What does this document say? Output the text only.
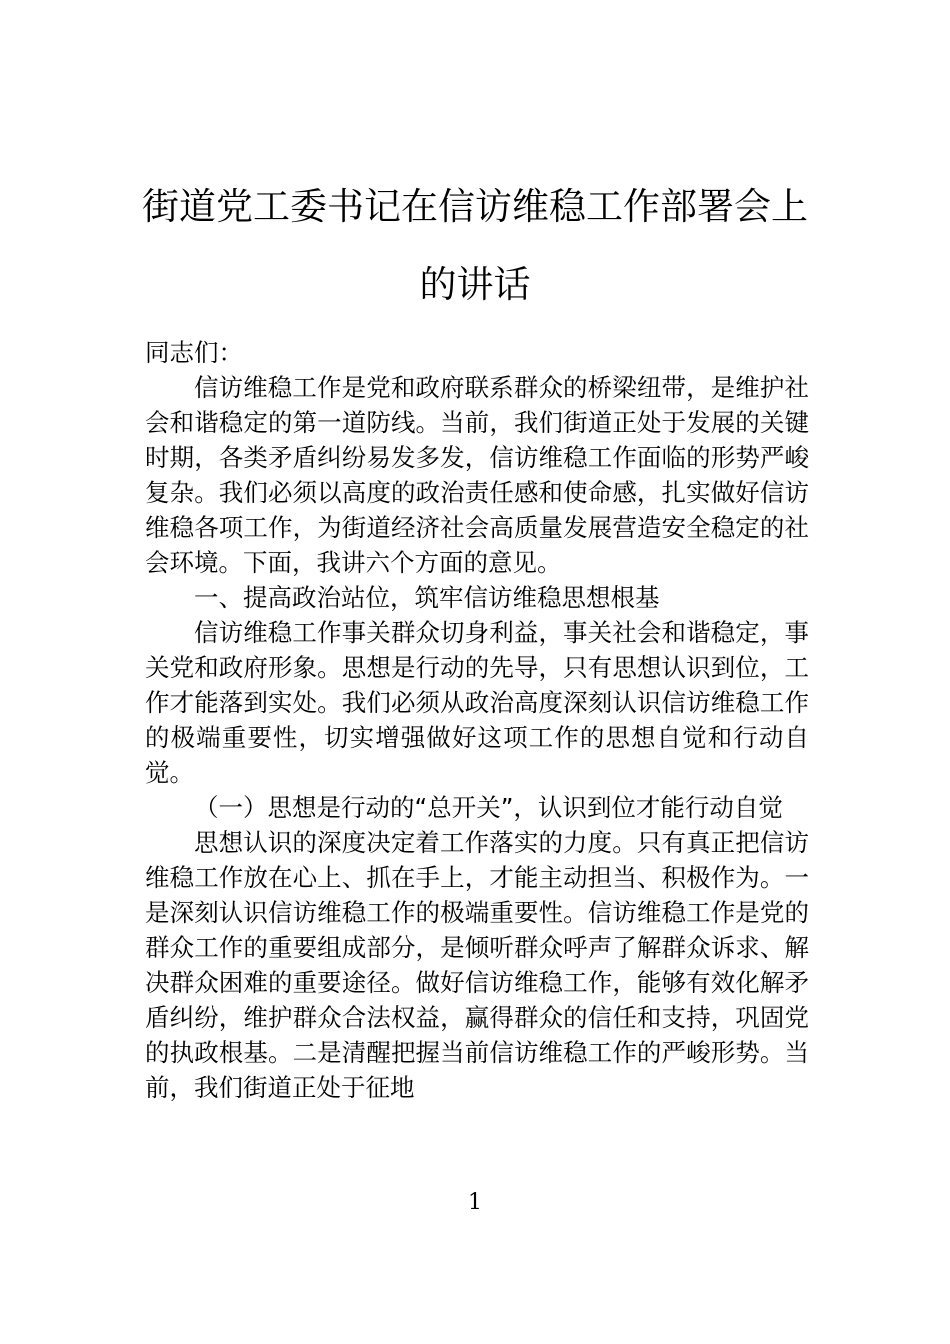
街道党工委书记在信访维稳工作部署会上
的讲话

同志们：

信访维稳工作是党和政府联系群众的桥梁纽带，是维护社会和谐稳定的第一道防线。当前，我们街道正处于发展的关键时期，各类矛盾纠纷易发多发，信访维稳工作面临的形势严峻复杂。我们必须以高度的政治责任感和使命感，扎实做好信访维稳各项工作，为街道经济社会高质量发展营造安全稳定的社会环境。下面，我讲六个方面的意见。

一、提高政治站位，筑牢信访维稳思想根基

信访维稳工作事关群众切身利益，事关社会和谐稳定，事关党和政府形象。思想是行动的先导，只有思想认识到位，工作才能落到实处。我们必须从政治高度深刻认识信访维稳工作的极端重要性，切实增强做好这项工作的思想自觉和行动自觉。

（一）思想是行动的“总开关”，认识到位才能行动自觉

思想认识的深度决定着工作落实的力度。只有真正把信访维稳工作放在心上、抓在手上，才能主动担当、积极作为。一是深刻认识信访维稳工作的极端重要性。信访维稳工作是党的群众工作的重要组成部分，是倾听群众呼声了解群众诉求、解决群众困难的重要途径。做好信访维稳工作，能够有效化解矛盾纠纷，维护群众合法权益，赢得群众的信任和支持，巩固党的执政根基。二是清醒把握当前信访维稳工作的严峻形势。当前，我们街道正处于征地

1
